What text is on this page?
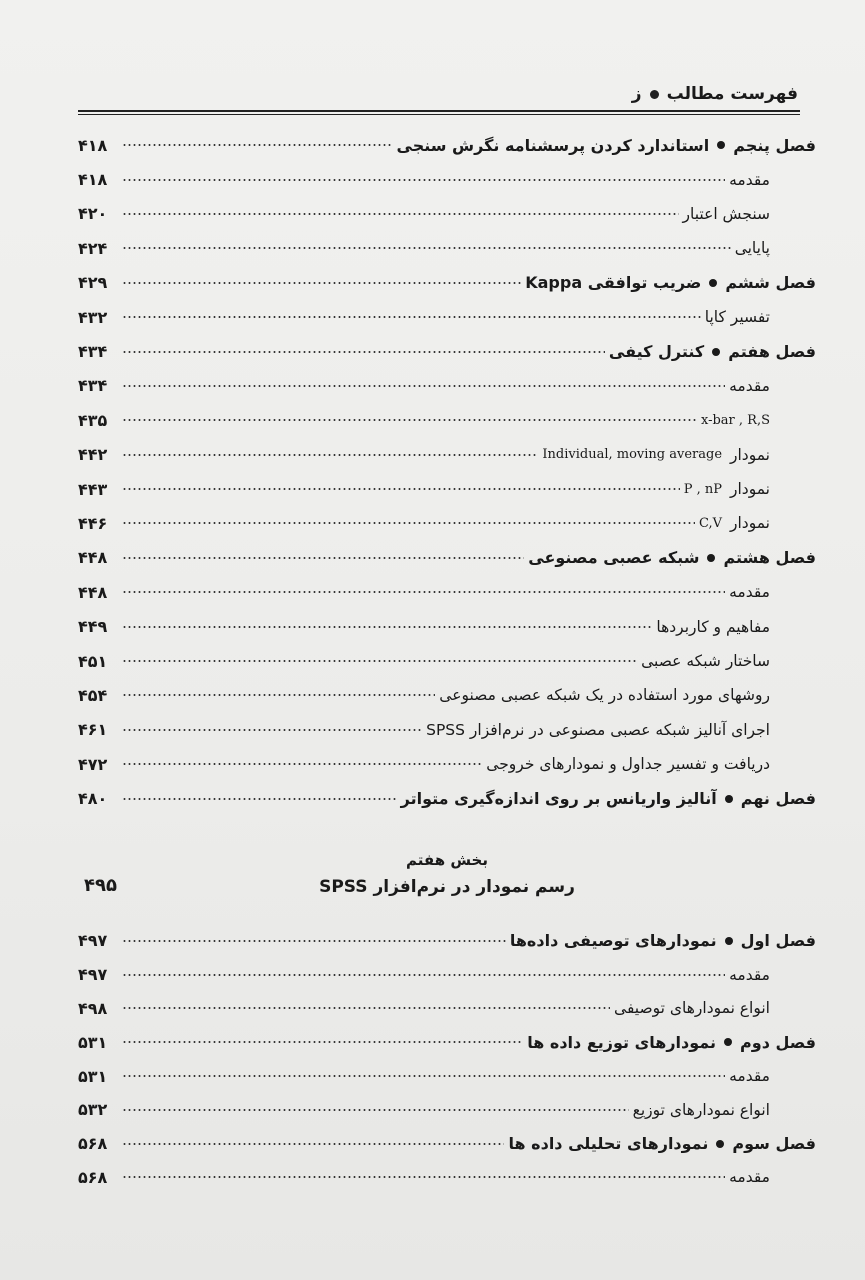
فهرست مطالب
ز
فصل پنجم
استاندارد کردن پرسشنامه نگرش سنجی
۴۱۸
مقدمه
۴۱۸
سنجش اعتبار
۴۲۰
پایایی
۴۲۴
فصل ششم
ضریب توافقی Kappa
۴۲۹
تفسیر کاپا
۴۳۲
فصل هفتم
کنترل کیفی
۴۳۴
مقدمه
۴۳۴
x-bar , R,S
۴۳۵
نمودار
Individual, moving average
۴۴۲
نمودار
P , nP
۴۴۳
نمودار
C,V
۴۴۶
فصل هشتم
شبکه عصبی مصنوعی
۴۴۸
مقدمه
۴۴۸
مفاهیم و کاربردها
۴۴۹
ساختار شبکه عصبی
۴۵۱
روشهای مورد استفاده در یک شبکه عصبی مصنوعی
۴۵۴
اجرای آنالیز شبکه عصبی مصنوعی در نرم‌افزار SPSS
۴۶۱
دریافت و تفسیر جداول و نمودارهای خروجی
۴۷۲
فصل نهم
آنالیز واریانس بر روی اندازه‌گیری متواتر
۴۸۰
بخش هفتم
رسم نمودار در نرم‌افزار SPSS
۴۹۵
فصل اول
نمودارهای توصیفی داده‌ها
۴۹۷
مقدمه
۴۹۷
انواع نمودارهای توصیفی
۴۹۸
فصل دوم
نمودارهای توزیع داده ها
۵۳۱
مقدمه
۵۳۱
انواع نمودارهای توزیع
۵۳۲
فصل سوم
نمودارهای تحلیلی داده ها
۵۶۸
مقدمه
۵۶۸
